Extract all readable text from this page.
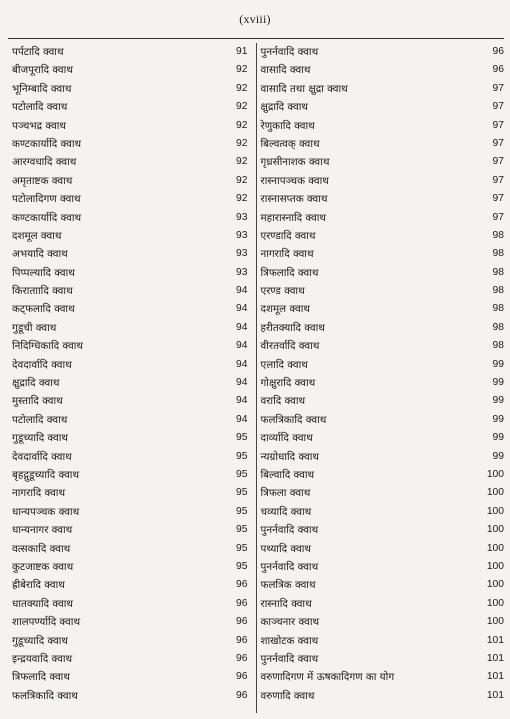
(xviii)
पर्पटादि क्वाथ	91
बीजपूरादि क्वाथ	92
भूनिम्बादि क्वाथ	92
पटोलादि क्वाथ	92
पञ्चभद्र क्वाथ	92
कण्टकार्यादि क्वाथ	92
आरग्वधादि क्वाथ	92
अमृताष्टक क्वाथ	92
पटोलादिगण क्वाथ	92
कण्टकार्यादि क्वाथ	93
दशमूल क्वाथ	93
अभयादि क्वाथ	93
पिप्पल्यादि क्वाथ	93
किराताादि क्वाथ	94
कट्फलादि क्वाथ	94
गुडूची क्वाथ	94
निदिग्धिकादि क्वाथ	94
देवदार्वादि क्वाथ	94
क्षुद्रादि क्वाथ	94
मुस्तादि क्वाथ	94
पटोलादि क्वाथ	94
गुडूच्यादि क्वाथ	95
देवदार्वादि क्वाथ	95
बृहद्गुडूच्यादि क्वाथ	95
नागरादि क्वाथ	95
धान्यपञ्चक क्वाथ	95
धान्यनागर क्वाथ	95
वत्सकादि क्वाथ	95
कुटजाष्टक क्वाथ	95
ह्रीबेरादि क्वाथ	96
धातक्यादि क्वाथ	96
शालपर्ण्यादि क्वाथ	96
गुडूच्यादि क्वाथ	96
इन्द्रयवादि क्वाथ	96
त्रिफलादि क्वाथ	96
फलत्रिकादि क्वाथ	96
पुनर्नवादि क्वाथ	96
वासादि क्वाथ	96
वासादि तथा क्षुद्रा क्वाथ	97
क्षुद्रादि क्वाथ	97
रेणुकादि क्वाथ	97
बिल्वत्वक् क्वाथ	97
गृध्रसीनाशक क्वाथ	97
रास्नापञ्चक क्वाथ	97
रास्नासप्तक क्वाथ	97
महारास्नादि क्वाथ	97
एरण्डादि क्वाथ	98
नागरादि क्वाथ	98
त्रिफलादि क्वाथ	98
एरण्ड क्वाथ	98
दशमूल क्वाथ	98
हरीतक्यादि क्वाथ	98
वीरतर्वादि क्वाथ	98
एलादि क्वाथ	99
गोक्षुरादि क्वाथ	99
वरादि क्वाथ	99
फलत्रिकादि क्वाथ	99
दार्व्यादि क्वाथ	99
न्यग्रोधादि क्वाथ	99
बिल्वादि क्वाथ	100
त्रिफला क्वाथ	100
चव्यादि क्वाथ	100
पुनर्नवादि क्वाथ	100
पथ्यादि क्वाथ	100
पुनर्नवादि क्वाथ	100
फलत्रिक क्वाथ	100
रास्नादि क्वाथ	100
काञ्चनार क्वाथ	100
शाखोटक क्वाथ	101
पुनर्नवादि क्वाथ	101
वरुणादिगण में ऊषकादिगण का योग	101
वरुणादि क्वाथ	101
